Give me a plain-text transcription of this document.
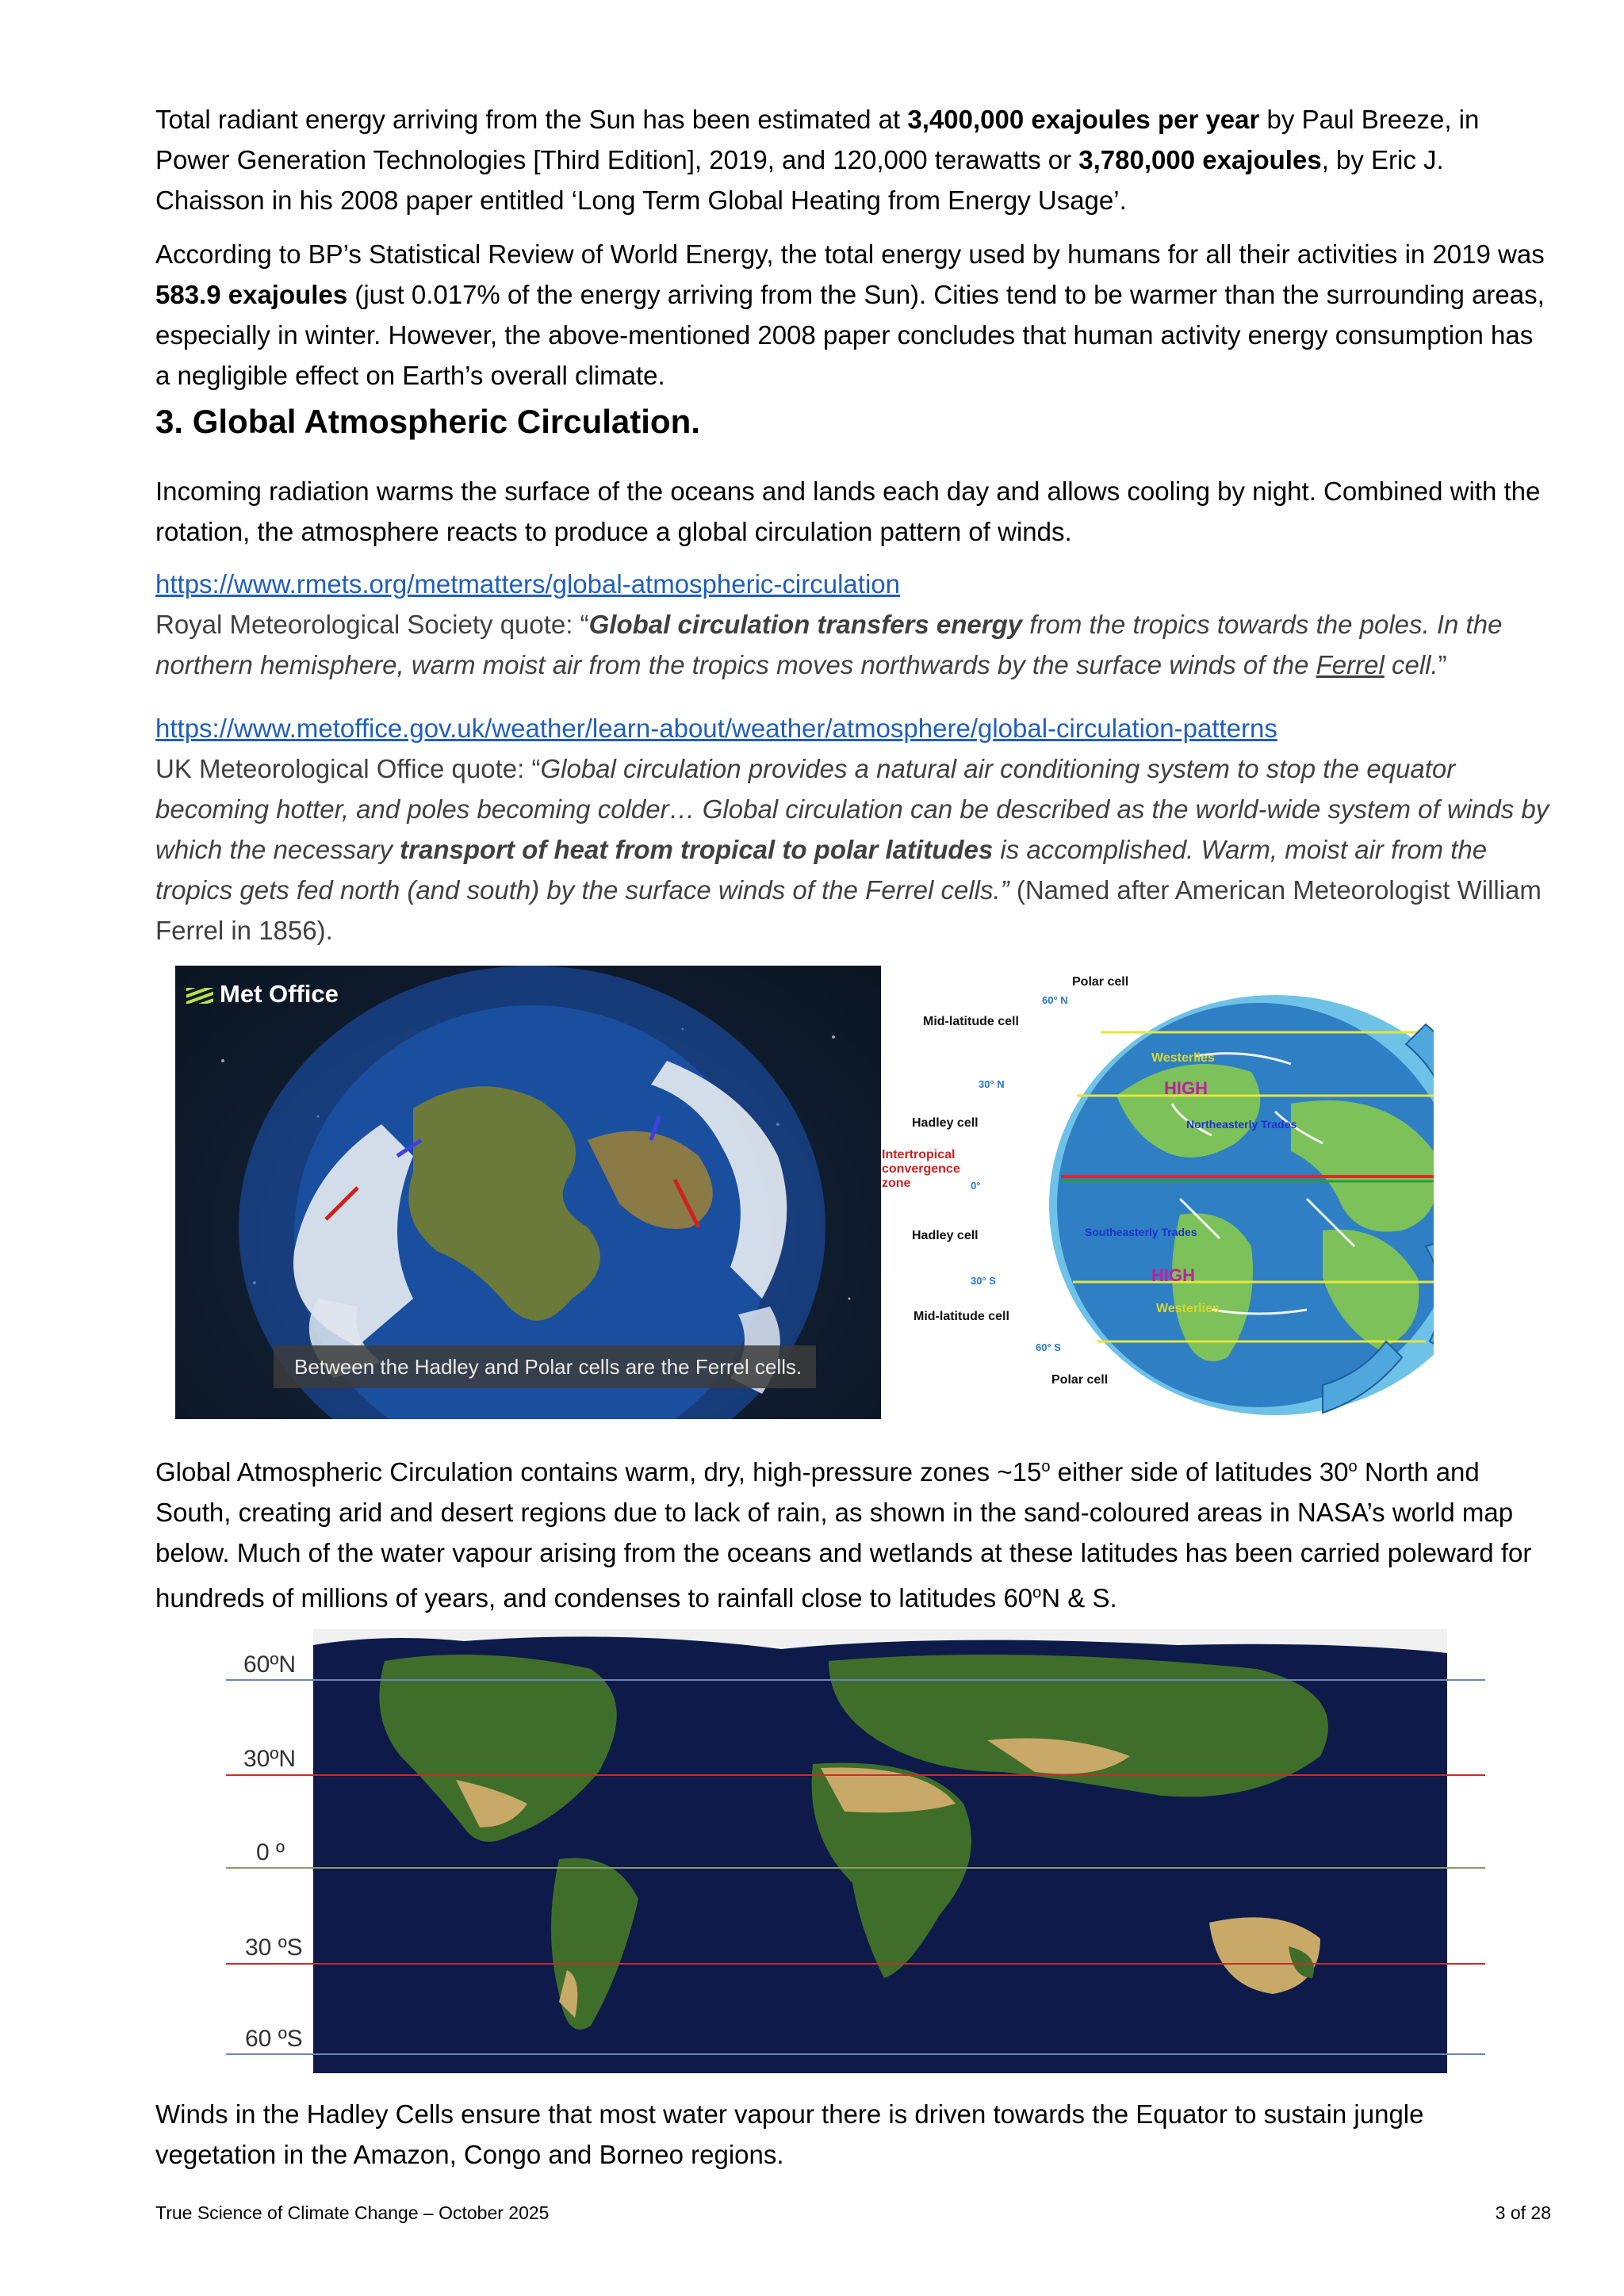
Total radiant energy arriving from the Sun has been estimated at 3,400,000 exajoules per year by Paul Breeze, in Power Generation Technologies [Third Edition], 2019, and 120,000 terawatts or 3,780,000 exajoules, by Eric J. Chaisson in his 2008 paper entitled ‘Long Term Global Heating from Energy Usage’.

According to BP’s Statistical Review of World Energy, the total energy used by humans for all their activities in 2019 was 583.9 exajoules (just 0.017% of the energy arriving from the Sun). Cities tend to be warmer than the surrounding areas, especially in winter. However, the above-mentioned 2008 paper concludes that human activity energy consumption has a negligible effect on Earth’s overall climate.

3. Global Atmospheric Circulation.

Incoming radiation warms the surface of the oceans and lands each day and allows cooling by night. Combined with the rotation, the atmosphere reacts to produce a global circulation pattern of winds.

https://www.rmets.org/metmatters/global-atmospheric-circulation
Royal Meteorological Society quote: “Global circulation transfers energy from the tropics towards the poles. In the northern hemisphere, warm moist air from the tropics moves northwards by the surface winds of the Ferrel cell.”

https://www.metoffice.gov.uk/weather/learn-about/weather/atmosphere/global-circulation-patterns
UK Meteorological Office quote: “Global circulation provides a natural air conditioning system to stop the equator becoming hotter, and poles becoming colder… Global circulation can be described as the world-wide system of winds by which the necessary transport of heat from tropical to polar latitudes is accomplished. Warm, moist air from the tropics gets fed north (and south) by the surface winds of the Ferrel cells.” (Named after American Meteorologist William Ferrel in 1856).

Global Atmospheric Circulation contains warm, dry, high-pressure zones ~15$^o$ either side of latitudes 30$^o$ North and South, creating arid and desert regions due to lack of rain, as shown in the sand-coloured areas in NASA’s world map below. Much of the water vapour arising from the oceans and wetlands at these latitudes has been carried poleward for hundreds of millions of years, and condenses to rainfall close to latitudes 60$^o$N & S.

Winds in the Hadley Cells ensure that most water vapour there is driven towards the Equator to sustain jungle vegetation in the Amazon, Congo and Borneo regions.

True Science of Climate Change – October 2025	3 of 28
Met Office
Between the Hadley and Polar cells are the Ferrel cells.
Polar cell
60° N
Mid-latitude cell
Westerlies
30° N	HIGH
Hadley cell	Northeasterly Trades
Intertropical
convergence
zone	0°
Hadley cell	Southeasterly Trades
30° S	HIGH
Mid-latitude cell
Westerlies
60° S
Polar cell
60ºN
30ºN
0 º
30 ºS
60 ºS
